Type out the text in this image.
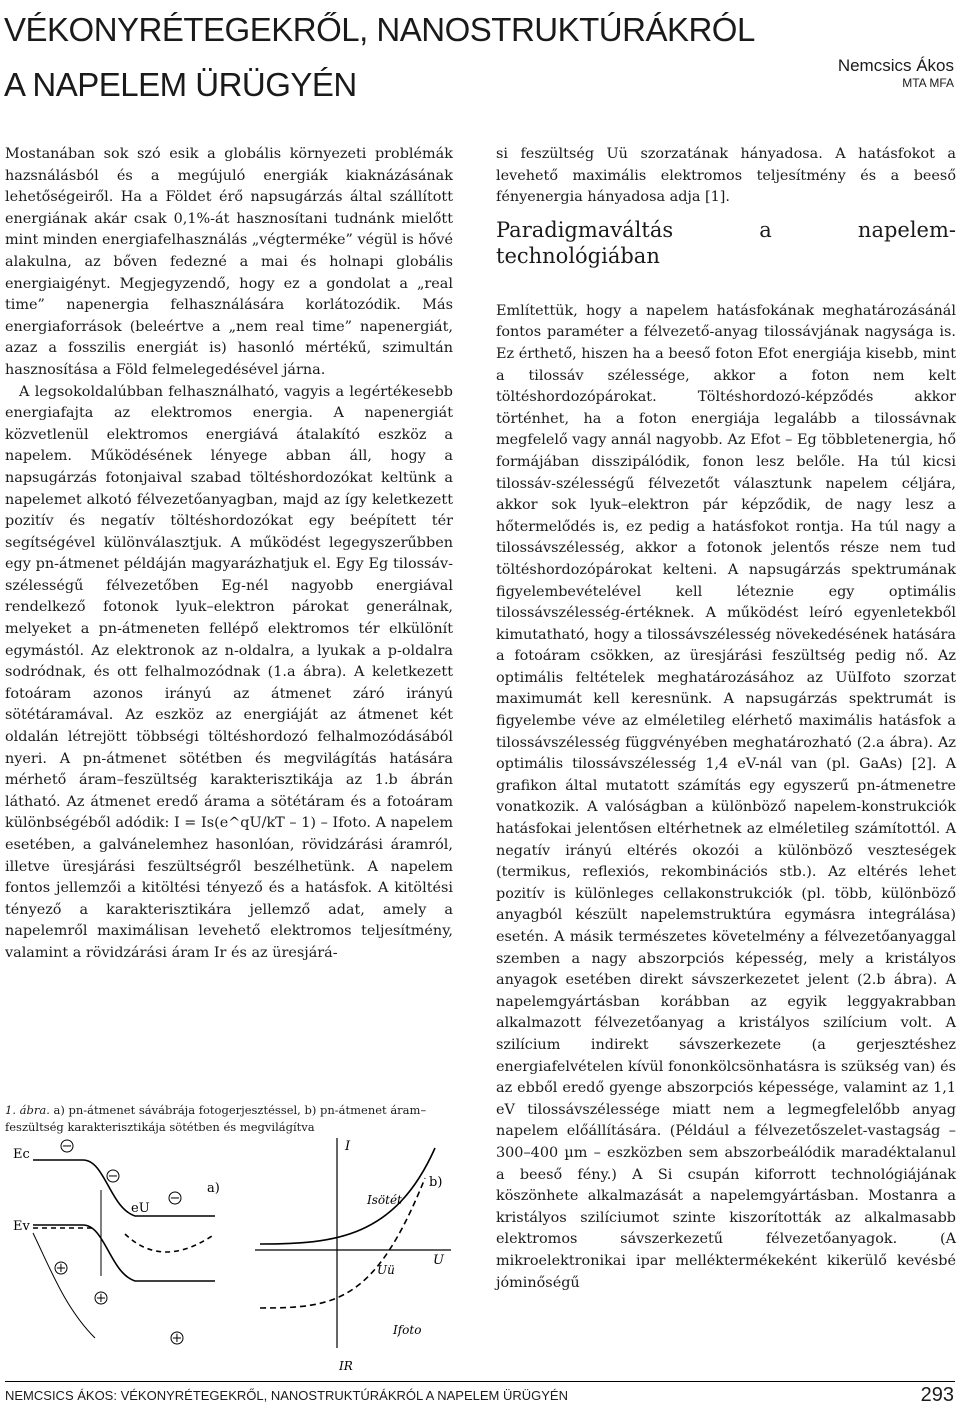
VÉKONYRÉTEGEKRŐL, NANOSTRUKTÚRÁKRÓL
A NAPELEM ÜRÜGYÉN
Nemcsics Ákos
MTA MFA

Mostanában sok szó esik a globális környezeti problémák hazsnálásból és a megújuló energiák kiaknázásának lehetőségeiről. Ha a Földet érő napsugárzás által szállított energiának akár csak 0,1%-át hasznosítani tudnánk mielőtt mint minden energiafelhasználás „végterméke” végül is hővé alakulna, az bőven fedezné a mai és holnapi globális energiaigényt. Megjegyzendő, hogy ez a gondolat a „real time” napenergia felhasználására korlátozódik. Más energiaforrások (beleértve a „nem real time” napenergiát, azaz a fosszilis energiát is) hasonló mértékű, szimultán hasznosítása a Föld felmelegedésével járna.

A legsokoldalúbban felhasználható, vagyis a legértékesebb energiafajta az elektromos energia. A napenergiát közvetlenül elektromos energiává átalakító eszköz a napelem. Működésének lényege abban áll, hogy a napsugárzás fotonjaival szabad töltéshordozókat keltünk a napelemet alkotó félvezetőanyagban, majd az így keletkezett pozitív és negatív töltéshordozókat egy beépített tér segítségével különválasztjuk. A működést legegyszerűbben egy pn-átmenet példáján magyarázhatjuk el. Egy Eg tilossáv-szélességű félvezetőben Eg-nél nagyobb energiával rendelkező fotonok lyuk–elektron párokat generálnak, melyeket a pn-átmeneten fellépő elektromos tér elkülönít egymástól. Az elektronok az n-oldalra, a lyukak a p-oldalra sodródnak, és ott felhalmozódnak (1.a ábra). A keletkezett fotoáram azonos irányú az átmenet záró irányú sötétáramával. Az eszköz az energiáját az átmenet két oldalán létrejött többségi töltéshordozó felhalmozódásából nyeri. A pn-átmenet sötétben és megvilágítás hatására mérhető áram–feszültség karakterisztikája az 1.b ábrán látható. Az átmenet eredő árama a sötétáram és a fotoáram különbségéből adódik: I = Is(e^qU/kT – 1) – Ifoto. A napelem esetében, a galvánelemhez hasonlóan, rövidzárási áramról, illetve üresjárási feszültségről beszélhetünk. A napelem fontos jellemzői a kitöltési tényező és a hatásfok. A kitöltési tényező a karakterisztikára jellemző adat, amely a napelemről maximálisan levehető elektromos teljesítmény, valamint a rövidzárási áram Ir és az üresjárá-

1. ábra. a) pn-átmenet sávábrája fotogerjesztéssel, b) pn-átmenet áram–feszültség karakterisztikája sötétben és megvilágítva
Ec
Ev
eU
a)
−
−
−
+
+
+
I
U
b)
Isötét
Uü
Ifoto
IR

si feszültség Uü szorzatának hányadosa. A hatásfokot a levehető maximális elektromos teljesítmény és a beeső fényenergia hányadosa adja [1].

Paradigmaváltás a napelem-technológiában

Említettük, hogy a napelem hatásfokának meghatározásánál fontos paraméter a félvezető-anyag tilossávjának nagysága is. Ez érthető, hiszen ha a beeső foton Efot energiája kisebb, mint a tilossáv szélessége, akkor a foton nem kelt töltéshordozópárokat. Töltéshordozó-képződés akkor történhet, ha a foton energiája legalább a tilossávnak megfelelő vagy annál nagyobb. Az Efot – Eg többletenergia, hő formájában disszipálódik, fonon lesz belőle. Ha túl kicsi tilossáv-szélességű félvezetőt választunk napelem céljára, akkor sok lyuk–elektron pár képződik, de nagy lesz a hőtermelődés is, ez pedig a hatásfokot rontja. Ha túl nagy a tilossávszélesség, akkor a fotonok jelentős része nem tud töltéshordozópárokat kelteni. A napsugárzás spektrumának figyelembevételével kell léteznie egy optimális tilossávszélesség-értéknek. A működést leíró egyenletekből kimutatható, hogy a tilossávszélesség növekedésének hatására a fotoáram csökken, az üresjárási feszültség pedig nő. Az optimális feltételek meghatározásához az UüIfoto szorzat maximumát kell keresnünk. A napsugárzás spektrumát is figyelembe véve az elméletileg elérhető maximális hatásfok a tilossávszélesség függvényében meghatározható (2.a ábra). Az optimális tilossávszélesség 1,4 eV-nál van (pl. GaAs) [2]. A grafikon által mutatott számítás egy egyszerű pn-átmenetre vonatkozik. A valóságban a különböző napelem-konstrukciók hatásfokai jelentősen eltérhetnek az elméletileg számítottól. A negatív irányú eltérés okozói a különböző veszteségek (termikus, reflexiós, rekombinációs stb.). Az eltérés lehet pozitív is különleges cellakonstrukciók (pl. több, különböző anyagból készült napelemstruktúra egymásra integrálása) esetén. A másik természetes követelmény a félvezetőanyaggal szemben a nagy abszorpciós képesség, mely a kristályos anyagok esetében direkt sávszerkezetet jelent (2.b ábra). A napelemgyártásban korábban az egyik leggyakrabban alkalmazott félvezetőanyag a kristályos szilícium volt. A szilícium indirekt sávszerkezete (a gerjesztéshez energiafelvételen kívül fononkölcsönhatásra is szükség van) és az ebből eredő gyenge abszorpciós képessége, valamint az 1,1 eV tilossávszélessége miatt nem a legmegfelelőbb anyag napelem előállítására. (Például a félvezetőszelet-vastagság – 300–400 µm – eszközben sem abszorbeálódik maradéktalanul a beeső fény.) A Si csupán kiforrott technológiájának köszönhete alkalmazását a napelemgyártásban. Mostanra a kristályos szilíciumot szinte kiszorították az alkalmasabb elektromos sávszerkezetű félvezetőanyagok. (A mikroelektronikai ipar melléktermékeként kikerülő kevésbé jóminőségű

NEMCSICS ÁKOS: VÉKONYRÉTEGEKRŐL, NANOSTRUKTÚRÁKRÓL A NAPELEM ÜRÜGYÉN	293
